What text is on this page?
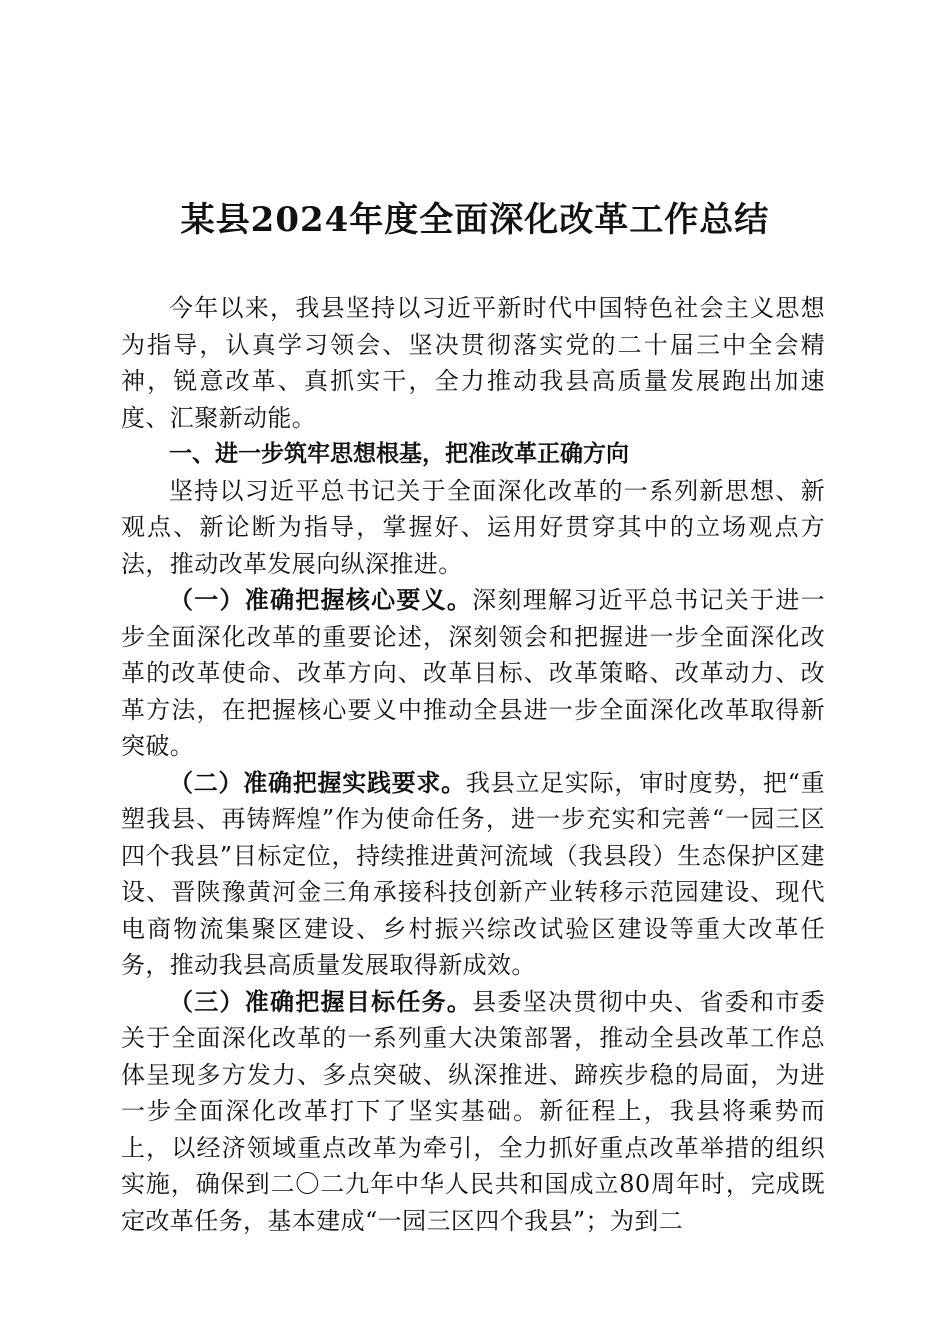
某县2024年度全面深化改革工作总结

今年以来，我县坚持以习近平新时代中国特色社会主义思想为指导，认真学习领会、坚决贯彻落实党的二十届三中全会精神，锐意改革、真抓实干，全力推动我县高质量发展跑出加速度、汇聚新动能。

一、进一步筑牢思想根基，把准改革正确方向

坚持以习近平总书记关于全面深化改革的一系列新思想、新观点、新论断为指导，掌握好、运用好贯穿其中的立场观点方法，推动改革发展向纵深推进。

（一）准确把握核心要义。深刻理解习近平总书记关于进一步全面深化改革的重要论述，深刻领会和把握进一步全面深化改革的改革使命、改革方向、改革目标、改革策略、改革动力、改革方法，在把握核心要义中推动全县进一步全面深化改革取得新突破。

（二）准确把握实践要求。我县立足实际，审时度势，把“重塑我县、再铸辉煌”作为使命任务，进一步充实和完善“一园三区四个我县”目标定位，持续推进黄河流域（我县段）生态保护区建设、晋陕豫黄河金三角承接科技创新产业转移示范园建设、现代电商物流集聚区建设、乡村振兴综改试验区建设等重大改革任务，推动我县高质量发展取得新成效。

（三）准确把握目标任务。县委坚决贯彻中央、省委和市委关于全面深化改革的一系列重大决策部署，推动全县改革工作总体呈现多方发力、多点突破、纵深推进、蹄疾步稳的局面，为进一步全面深化改革打下了坚实基础。新征程上，我县将乘势而上，以经济领域重点改革为牵引，全力抓好重点改革举措的组织实施，确保到二〇二九年中华人民共和国成立80周年时，完成既定改革任务，基本建成“一园三区四个我县”；为到二
